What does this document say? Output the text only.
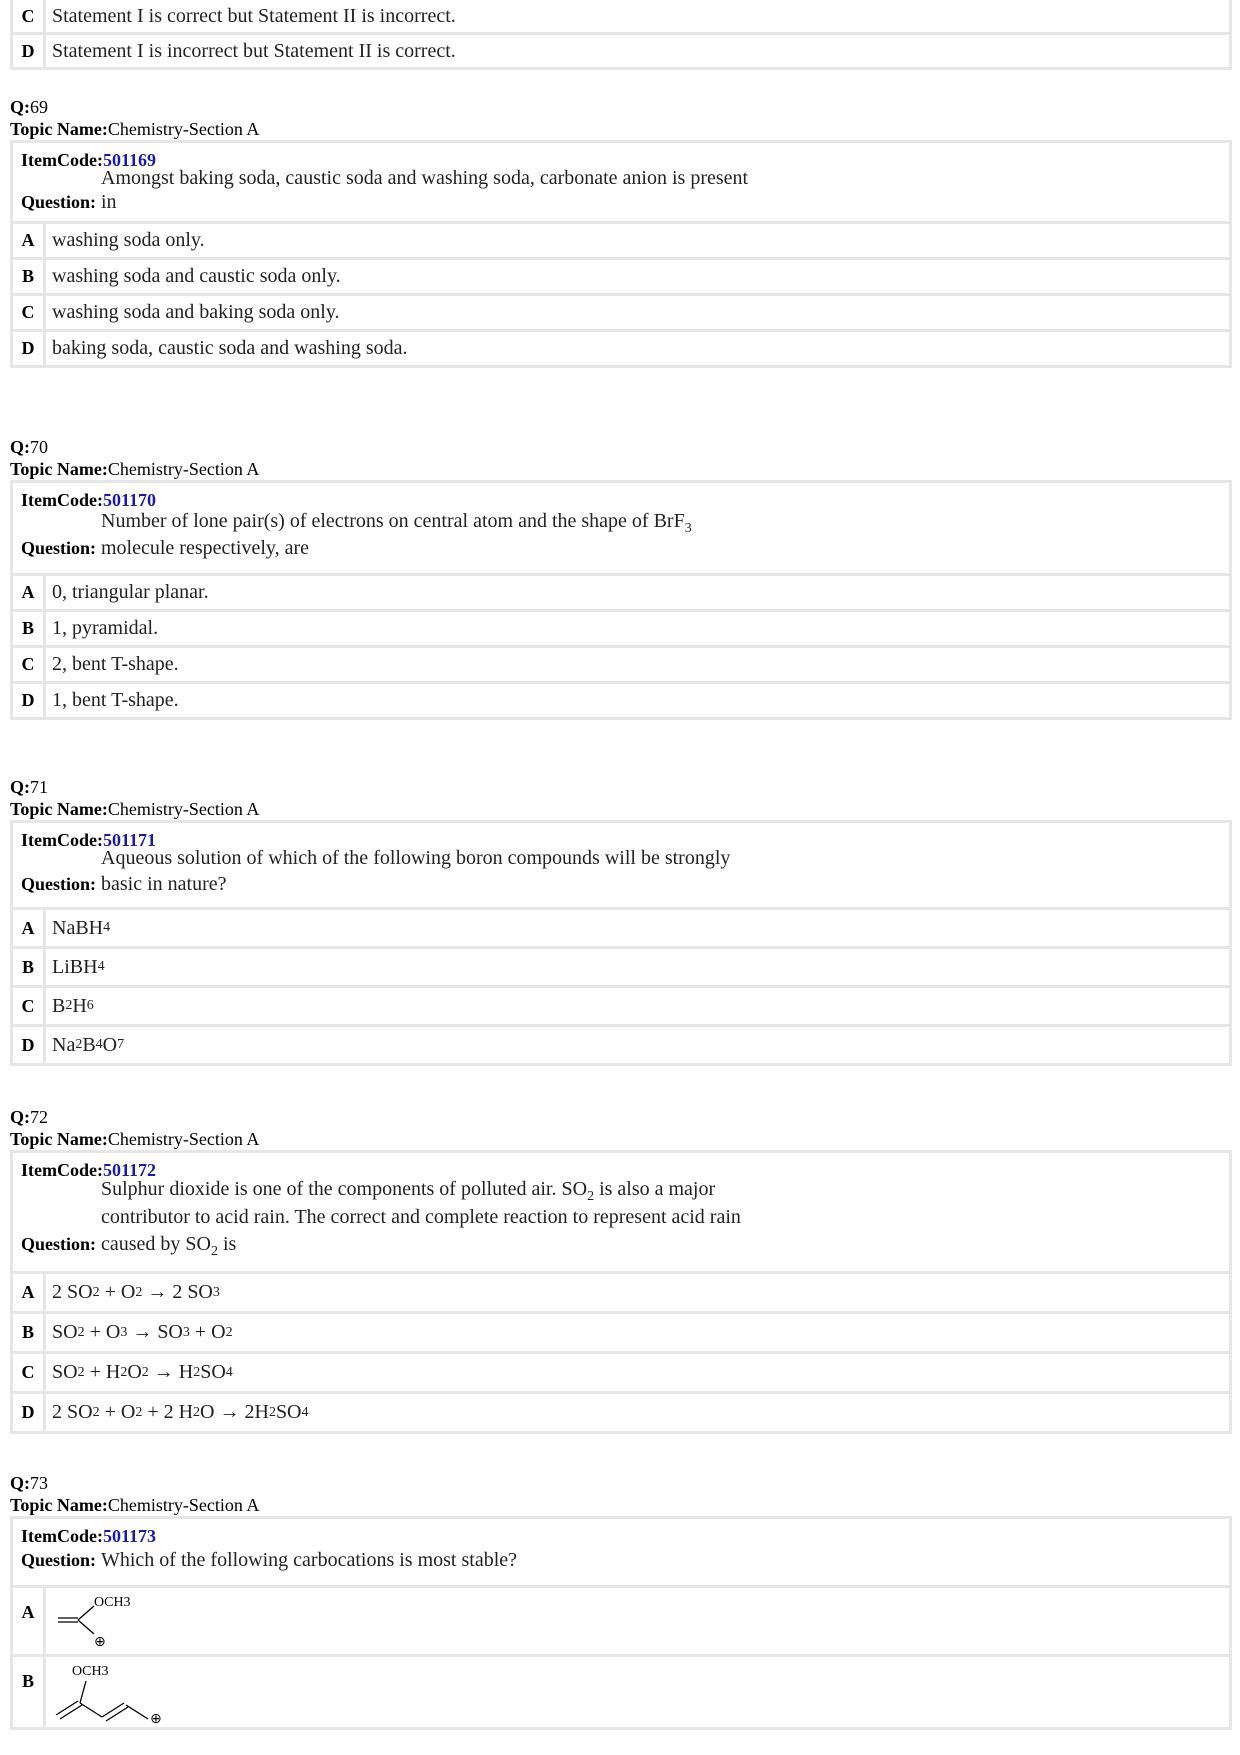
C Statement I is correct but Statement II is incorrect.
D Statement I is incorrect but Statement II is correct.
Q:69
Topic Name:Chemistry-Section A
ItemCode:501169
Amongst baking soda, caustic soda and washing soda, carbonate anion is present
Question: in
A washing soda only.
B washing soda and caustic soda only.
C washing soda and baking soda only.
D baking soda, caustic soda and washing soda.
Q:70
Topic Name:Chemistry-Section A
ItemCode:501170
Number of lone pair(s) of electrons on central atom and the shape of BrF$_3$
Question: molecule respectively, are
A 0, triangular planar.
B 1, pyramidal.
C 2, bent T-shape.
D 1, bent T-shape.
Q:71
Topic Name:Chemistry-Section A
ItemCode:501171
Aqueous solution of which of the following boron compounds will be strongly
Question: basic in nature?
A NaBH 4
B LiBH 4
C B 2 H 6
D Na 2 B 4 O 7
Q:72
Topic Name:Chemistry-Section A
ItemCode:501172
Sulphur dioxide is one of the components of polluted air. $SO_2$ is also a major
contributor to acid rain. The correct and complete reaction to represent acid rain
Question: caused by $SO_2$ is
A 2 SO 2 + O 2 → 2 SO 3
B SO 2 + O 3 → SO 3 + O 2
C SO 2 + H 2 O 2 → H 2 SO 4
D 2 SO 2 + O 2 + 2 H 2 O → 2H 2 SO 4
Q:73
Topic Name:Chemistry-Section A
ItemCode:501173
Question: Which of the following carbocations is most stable?
A	OCH3
⊕
B	OCH3
⊕
